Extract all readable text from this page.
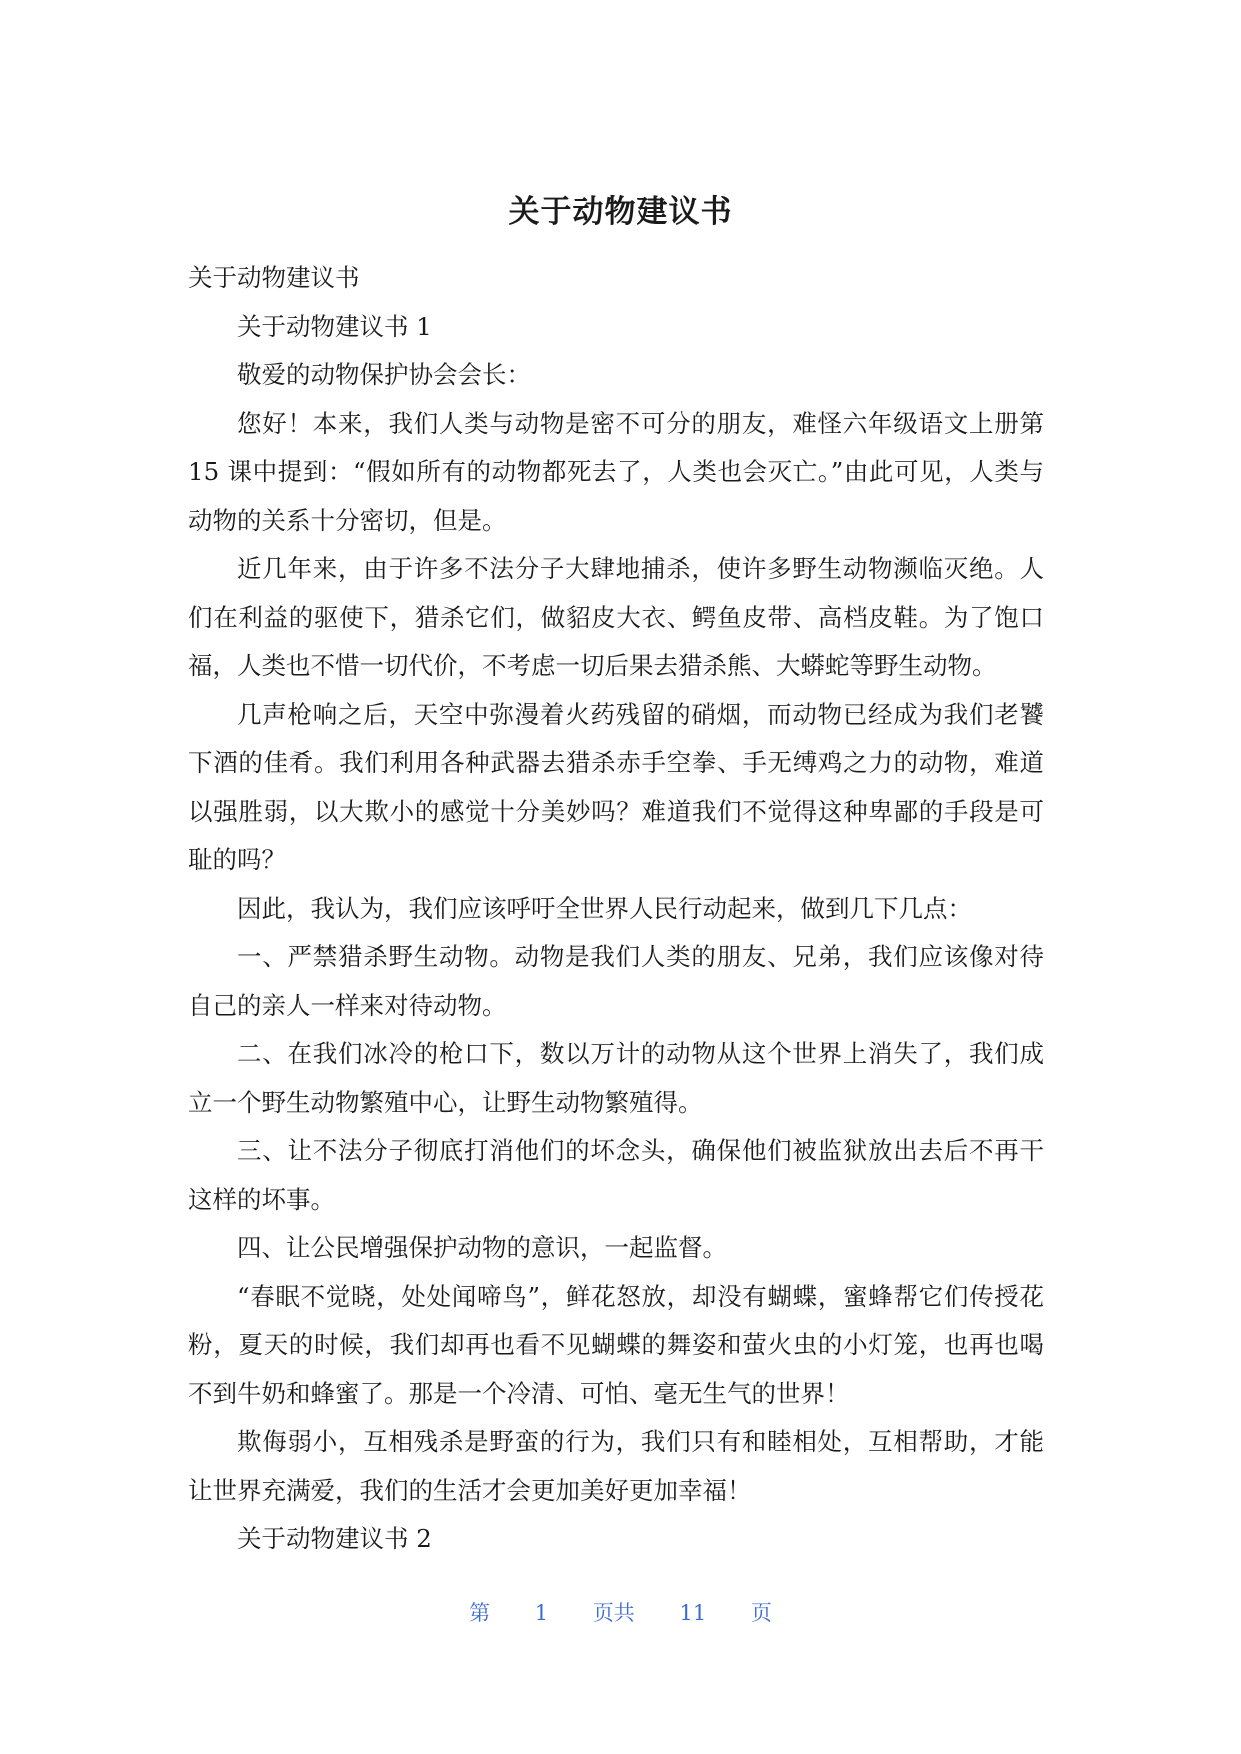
关于动物建议书

关于动物建议书

关于动物建议书 1

敬爱的动物保护协会会长：

您好！本来，我们人类与动物是密不可分的朋友，难怪六年级语文上册第 15 课中提到：“假如所有的动物都死去了，人类也会灭亡。”由此可见，人类与动物的关系十分密切，但是。

近几年来，由于许多不法分子大肆地捕杀，使许多野生动物濒临灭绝。人们在利益的驱使下，猎杀它们，做貂皮大衣、鳄鱼皮带、高档皮鞋。为了饱口福，人类也不惜一切代价，不考虑一切后果去猎杀熊、大蟒蛇等野生动物。

几声枪响之后，天空中弥漫着火药残留的硝烟，而动物已经成为我们老饕下酒的佳肴。我们利用各种武器去猎杀赤手空拳、手无缚鸡之力的动物，难道以强胜弱，以大欺小的感觉十分美妙吗？难道我们不觉得这种卑鄙的手段是可耻的吗？

因此，我认为，我们应该呼吁全世界人民行动起来，做到几下几点：

一、严禁猎杀野生动物。动物是我们人类的朋友、兄弟，我们应该像对待自己的亲人一样来对待动物。

二、在我们冰冷的枪口下，数以万计的动物从这个世界上消失了，我们成立一个野生动物繁殖中心，让野生动物繁殖得。

三、让不法分子彻底打消他们的坏念头，确保他们被监狱放出去后不再干这样的坏事。

四、让公民增强保护动物的意识，一起监督。

“春眠不觉晓，处处闻啼鸟”，鲜花怒放，却没有蝴蝶，蜜蜂帮它们传授花粉，夏天的时候，我们却再也看不见蝴蝶的舞姿和萤火虫的小灯笼，也再也喝不到牛奶和蜂蜜了。那是一个冷清、可怕、毫无生气的世界！

欺侮弱小，互相残杀是野蛮的行为，我们只有和睦相处，互相帮助，才能让世界充满爱，我们的生活才会更加美好更加幸福！

关于动物建议书 2

第 1 页共 11 页
